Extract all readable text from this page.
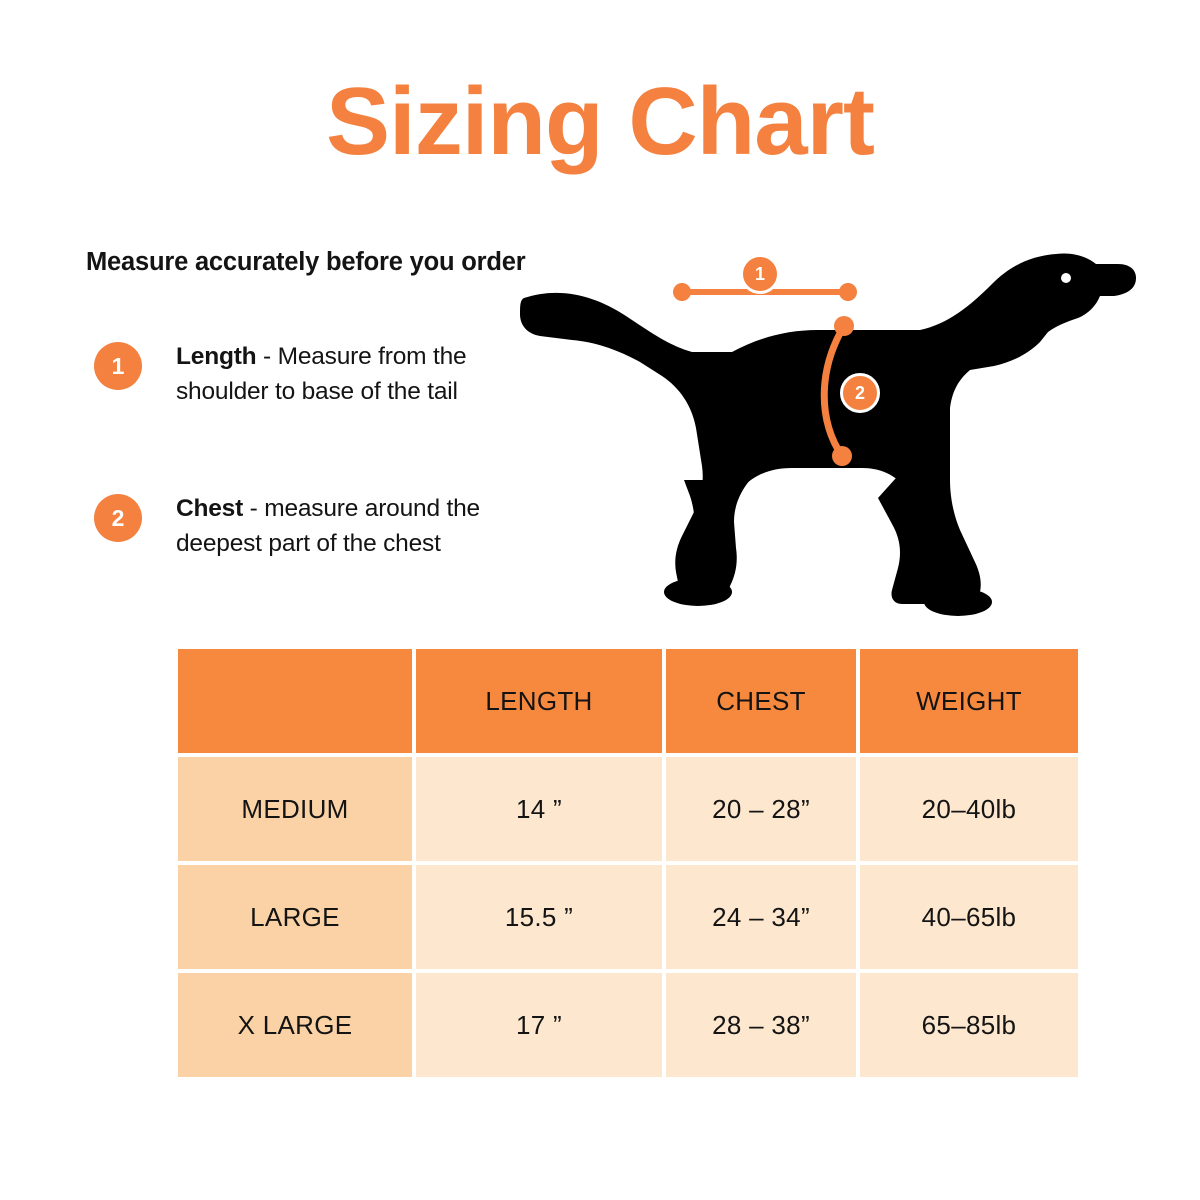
Sizing Chart
Measure accurately before you order
1	Length - Measure from the shoulder to base of the tail
2	Chest - measure around the deepest part of the chest
1
2
	LENGTH	CHEST	WEIGHT
MEDIUM	14 ”	20 – 28”	20–40lb
LARGE	15.5 ”	24 – 34”	40–65lb
X LARGE	17 ”	28 – 38”	65–85lb
